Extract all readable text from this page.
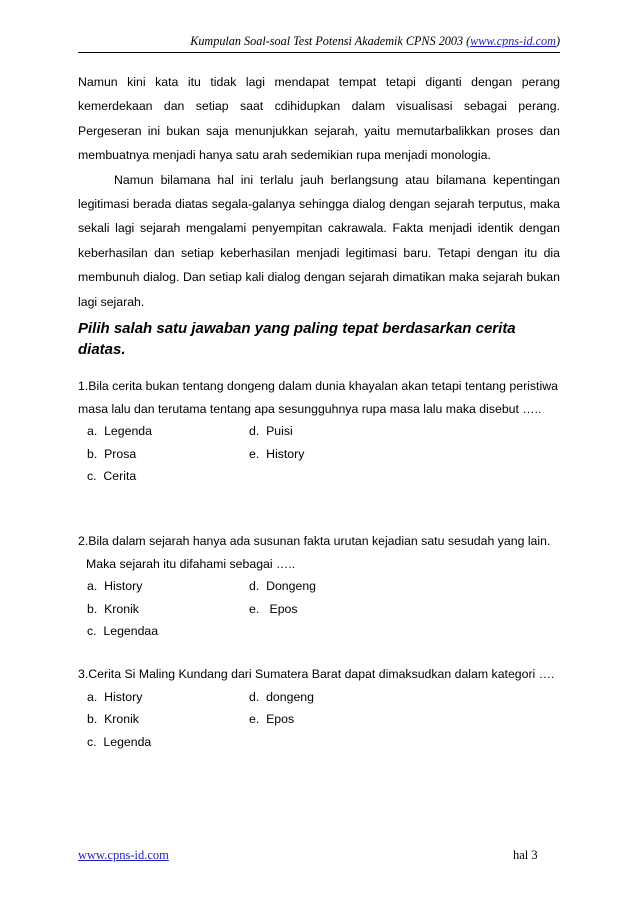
Kumpulan Soal-soal Test Potensi Akademik CPNS 2003 (www.cpns-id.com)

Namun kini kata itu tidak lagi mendapat tempat tetapi diganti dengan perang kemerdekaan dan setiap saat cdihidupkan dalam visualisasi sebagai perang. Pergeseran ini bukan saja menunjukkan sejarah, yaitu memutarbalikkan proses dan membuatnya menjadi hanya satu arah sedemikian rupa menjadi monologia.

Namun bilamana hal ini terlalu jauh berlangsung atau bilamana kepentingan legitimasi berada diatas segala-galanya sehingga dialog dengan sejarah terputus, maka sekali lagi sejarah mengalami penyempitan cakrawala. Fakta menjadi identik dengan keberhasilan dan setiap keberhasilan menjadi legitimasi baru. Tetapi dengan itu dia membunuh dialog. Dan setiap kali dialog dengan sejarah dimatikan maka sejarah bukan lagi sejarah.

Pilih salah satu jawaban yang paling tepat berdasarkan cerita diatas.

1.Bila cerita bukan tentang dongeng dalam dunia khayalan akan tetapi tentang peristiwa masa lalu dan terutama tentang apa sesungguhnya rupa masa lalu maka disebut …..

a.  Legenda	d.  Puisi
b.  Prosa	e.  History
c.  Cerita

2.Bila dalam sejarah hanya ada susunan fakta urutan kejadian satu sesudah yang lain. Maka sejarah itu difahami sebagai …..

a.  History	d.  Dongeng
b.  Kronik	e.   Epos
c.  Legendaa

3.Cerita Si Maling Kundang dari Sumatera Barat dapat dimaksudkan dalam kategori ….

a.  History	d.  dongeng
b.  Kronik	e.  Epos
c.  Legenda
www.cpns-id.com	hal 3
